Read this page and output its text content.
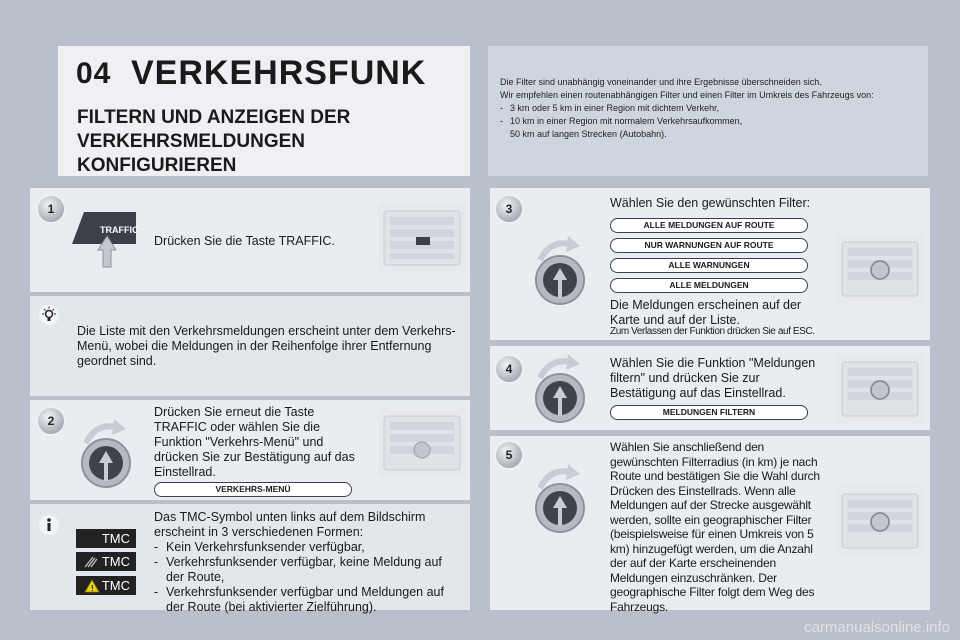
04 VERKEHRSFUNK
FILTERN UND ANZEIGEN DER VERKEHRSMELDUNGEN KONFIGURIEREN
Die Filter sind unabhängig voneinander und ihre Ergebnisse überschneiden sich.
Wir empfehlen einen routenabhängigen Filter und einen Filter im Umkreis des Fahrzeugs von:
- 3 km oder 5 km in einer Region mit dichtem Verkehr,
- 10 km in einer Region mit normalem Verkehrsaufkommen,
50 km auf langen Strecken (Autobahn).
1
TRAFFIC
Drücken Sie die Taste TRAFFIC.
Die Liste mit den Verkehrsmeldungen erscheint unter dem Verkehrs-Menü, wobei die Meldungen in der Reihenfolge ihrer Entfernung geordnet sind.
2
Drücken Sie erneut die Taste TRAFFIC oder wählen Sie die Funktion "Verkehrs-Menü" und drücken Sie zur Bestätigung auf das Einstellrad.
VERKEHRS-MENÜ
TMC
TMC
! TMC
Das TMC-Symbol unten links auf dem Bildschirm erscheint in 3 verschiedenen Formen:
- Kein Verkehrsfunksender verfügbar,
- Verkehrsfunksender verfügbar, keine Meldung auf der Route,
- Verkehrsfunksender verfügbar und Meldungen auf der Route (bei aktivierter Zielführung).
3	Wählen Sie den gewünschten Filter:
ALLE MELDUNGEN AUF ROUTE
NUR WARNUNGEN AUF ROUTE
ALLE WARNUNGEN
ALLE MELDUNGEN
Die Meldungen erscheinen auf der Karte und auf der Liste.
Zum Verlassen der Funktion drücken Sie auf ESC.
4	Wählen Sie die Funktion "Meldungen filtern" und drücken Sie zur Bestätigung auf das Einstellrad.
MELDUNGEN FILTERN
5
Wählen Sie anschließend den gewünschten Filterradius (in km) je nach Route und bestätigen Sie die Wahl durch Drücken des Einstellrads. Wenn alle Meldungen auf der Strecke ausgewählt werden, sollte ein geographischer Filter (beispielsweise für einen Umkreis von 5 km) hinzugefügt werden, um die Anzahl der auf der Karte erscheinenden Meldungen einzuschränken. Der geographische Filter folgt dem Weg des Fahrzeugs.
carmanualsonline.info
